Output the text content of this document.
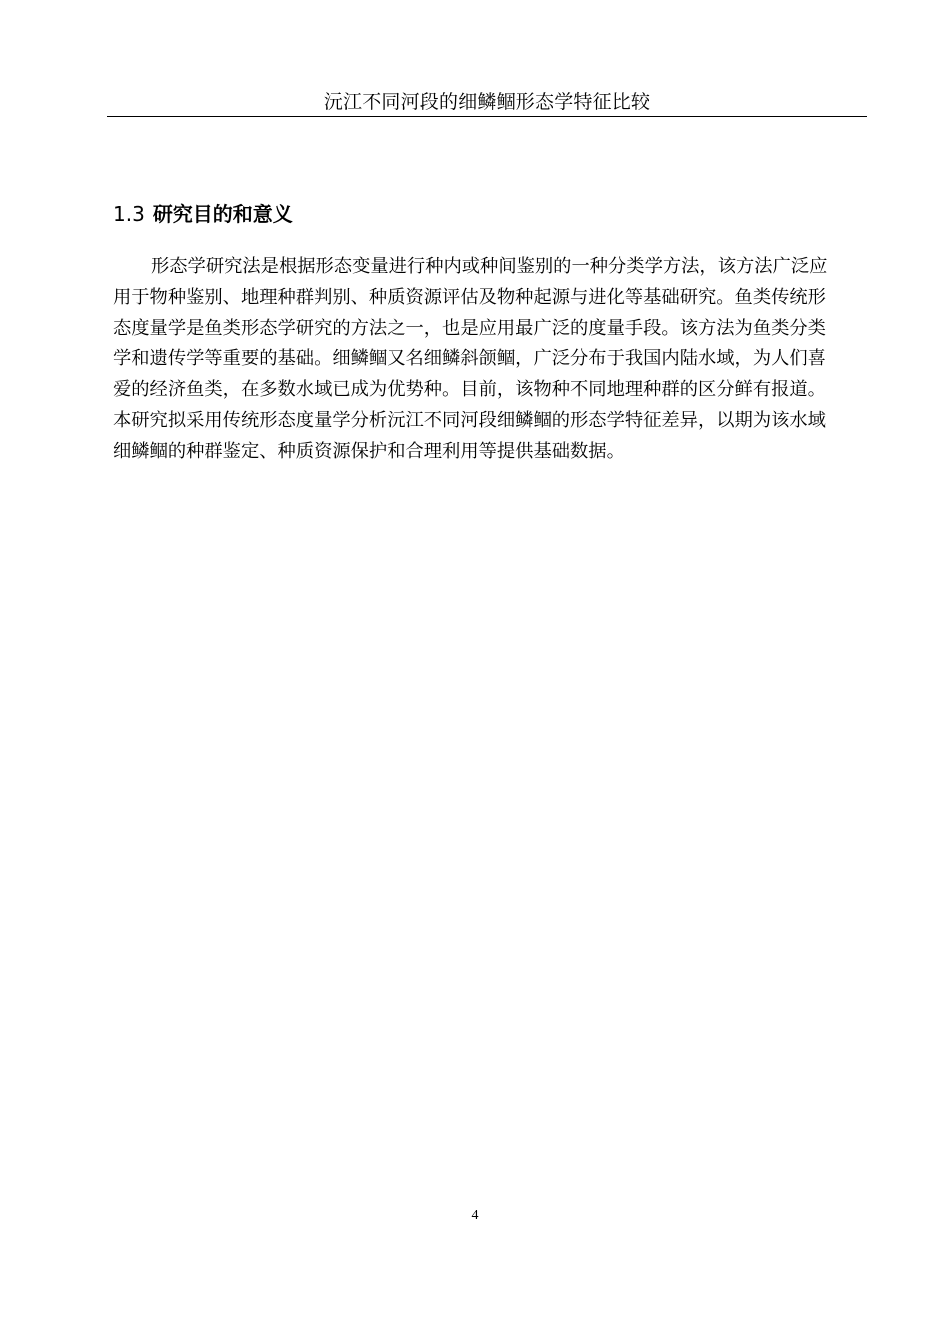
沅江不同河段的细鳞鲴形态学特征比较
1.3 研究目的和意义
形态学研究法是根据形态变量进行种内或种间鉴别的一种分类学方法，该方法广泛应
用于物种鉴别、地理种群判别、种质资源评估及物种起源与进化等基础研究。鱼类传统形
态度量学是鱼类形态学研究的方法之一，也是应用最广泛的度量手段。该方法为鱼类分类
学和遗传学等重要的基础。细鳞鲴又名细鳞斜颌鲴，广泛分布于我国内陆水域，为人们喜
爱的经济鱼类，在多数水域已成为优势种。目前，该物种不同地理种群的区分鲜有报道。
本研究拟采用传统形态度量学分析沅江不同河段细鳞鲴的形态学特征差异，以期为该水域
细鳞鲴的种群鉴定、种质资源保护和合理利用等提供基础数据。
4
